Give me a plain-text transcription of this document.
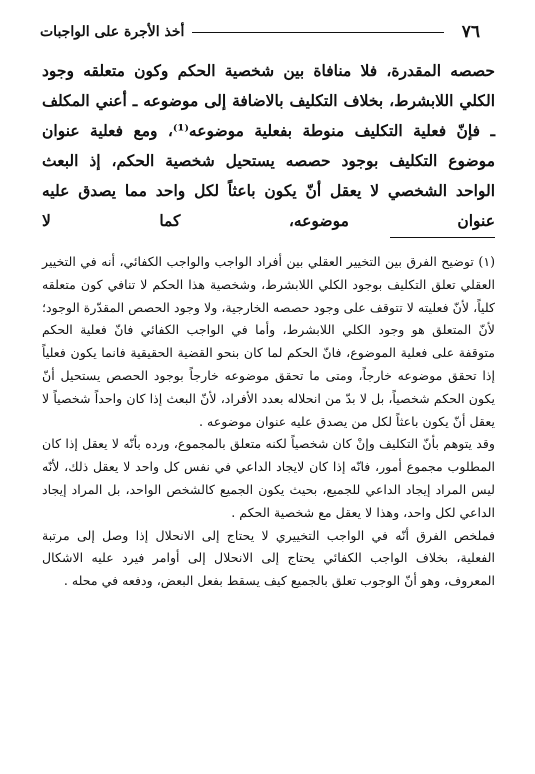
٧٦
أخذ الأجرة على الواجبات

حصصه المقدرة، فلا منافاة بين شخصية الحكم وكون متعلقه وجود الكلي اللابشرط، بخلاف التكليف بالاضافة إلى موضوعه ـ أعني المكلف ـ فإنّ فعلية التكليف منوطة بفعلية موضوعه⁽¹⁾، ومع فعلية عنوان موضوع التكليف بوجود حصصه يستحيل شخصية الحكم، إذ البعث الواحد الشخصي لا يعقل أنّ يكون باعثاً لكل واحد مما يصدق عليه عنوان موضوعه، كما لا

(١) توضيح الفرق بين التخيير العقلي بين أفراد الواجب والواجب الكفائي، أنه في التخيير العقلي تعلق التكليف بوجود الكلي اللابشرط، وشخصية هذا الحكم لا تنافي كون متعلقه كلياً، لأنّ فعليته لا تتوقف على وجود حصصه الخارجية، ولا وجود الحصص المقدّرة الوجود؛ لأنّ المتعلق هو وجود الكلي اللابشرط، وأما في الواجب الكفائي فانّ فعلية الحكم متوقفة على فعلية الموضوع، فانّ الحكم لما كان بنحو القضية الحقيقية فانما يكون فعلياً إذا تحقق موضوعه خارجاً، ومتى ما تحقق موضوعه خارجاً بوجود الحصص يستحيل أنّ يكون الحكم شخصياً، بل لا بدّ من انحلاله بعدد الأفراد، لأنّ البعث إذا كان واحداً شخصياً لا يعقل أنّ يكون باعثاً لكل من يصدق عليه عنوان موضوعه .

وقد يتوهم بأنّ التكليف وإنْ كان شخصياً لكنه متعلق بالمجموع، ورده بأنّه لا يعقل إذا كان المطلوب مجموع أمور، فانّه إذا كان لايجاد الداعي في نفس كل واحد لا يعقل ذلك، لأنّه ليس المراد إيجاد الداعي للجميع، بحيث يكون الجميع كالشخص الواحد، بل المراد إيجاد الداعي لكل واحد، وهذا لا يعقل مع شخصية الحكم .

فملخص الفرق أنّه في الواجب التخييري لا يحتاج إلى الانحلال إذا وصل إلى مرتبة الفعلية، بخلاف الواجب الكفائي يحتاج إلى الانحلال إلى أوامر فيرد عليه الاشكال المعروف، وهو أنّ الوجوب تعلق بالجميع كيف يسقط بفعل البعض، ودفعه في محله .
